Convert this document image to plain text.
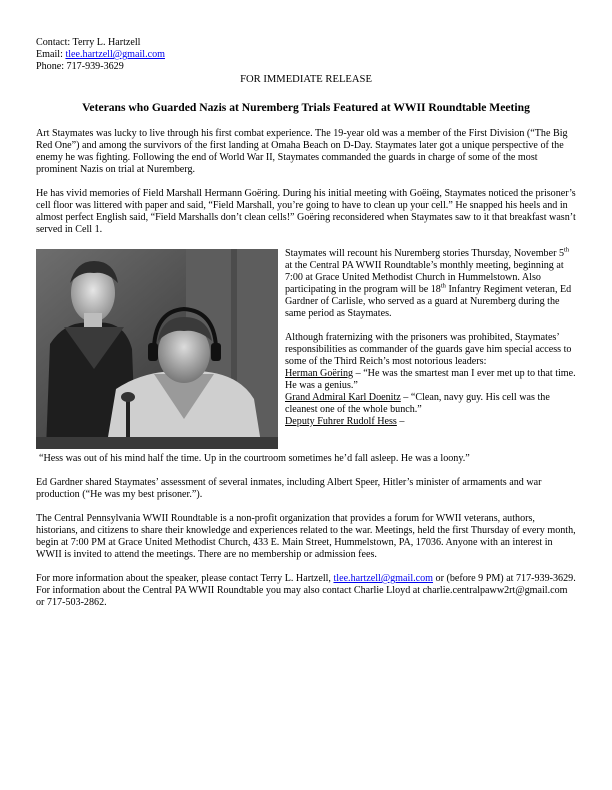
Contact: Terry L. Hartzell
Email: tlee.hartzell@gmail.com
Phone: 717-939-3629
FOR IMMEDIATE RELEASE
Veterans who Guarded Nazis at Nuremberg Trials Featured at WWII Roundtable Meeting

Art Staymates was lucky to live through his first combat experience. The 19-year old was a member of the First Division (“The Big Red One”) and among the survivors of the first landing at Omaha Beach on D-Day. Staymates later got a unique perspective of the enemy he was fighting. Following the end of World War II, Staymates commanded the guards in charge of some of the most prominent Nazis on trial at Nuremberg.

He has vivid memories of Field Marshall Hermann Goëring. During his initial meeting with Goëing, Staymates noticed the prisoner’s cell floor was littered with paper and said, “Field Marshall, you’re going to have to clean up your cell.” He snapped his heels and in almost perfect English said, “Field Marshalls don’t clean cells!” Goëring reconsidered when Staymates saw to it that breakfast wasn’t served in Cell 1.

Staymates will recount his Nuremberg stories Thursday, November 5th at the Central PA WWII Roundtable’s monthly meeting, beginning at 7:00 at Grace United Methodist Church in Hummelstown. Also participating in the program will be 18th Infantry Regiment veteran, Ed Gardner of Carlisle, who served as a guard at Nuremberg during the same period as Staymates.

Although fraternizing with the prisoners was prohibited, Staymates’ responsibilities as commander of the guards gave him special access to some of the Third Reich’s most notorious leaders:
Herman Goëring – “He was the smartest man I ever met up to that time. He was a genius.”
Grand Admiral Karl Doenitz – “Clean, navy guy. His cell was the cleanest one of the whole bunch.”
Deputy Fuhrer Rudolf Hess –

“Hess was out of his mind half the time. Up in the courtroom sometimes he’d fall asleep. He was a loony.”

Ed Gardner shared Staymates’ assessment of several inmates, including Albert Speer, Hitler’s minister of armaments and war production (“He was my best prisoner.”).

The Central Pennsylvania WWII Roundtable is a non-profit organization that provides a forum for WWII veterans, authors, historians, and citizens to share their knowledge and experiences related to the war. Meetings, held the first Thursday of every month, begin at 7:00 PM at Grace United Methodist Church, 433 E. Main Street, Hummelstown, PA, 17036. Anyone with an interest in WWII is invited to attend the meetings. There are no membership or admission fees.

For more information about the speaker, please contact Terry L. Hartzell, tlee.hartzell@gmail.com or (before 9 PM) at 717-939-3629. For information about the Central PA WWII Roundtable you may also contact Charlie Lloyd at charlie.centralpaww2rt@gmail.com or 717-503-2862.
